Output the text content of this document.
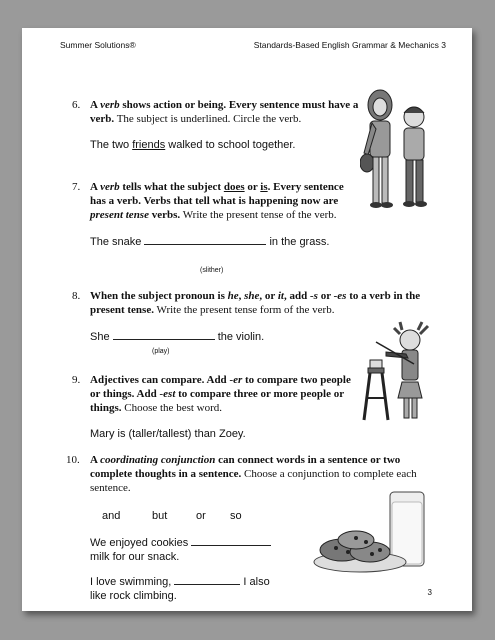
Summer Solutions®	Standards-Based English Grammar & Mechanics 3
6. A verb shows action or being. Every sentence must have a verb. The subject is underlined. Circle the verb.
The two friends walked to school together.
7. A verb tells what the subject does or is. Every sentence has a verb. Verbs that tell what is happening now are present tense verbs. Write the present tense of the verb.
The snake	in the grass.
(slither)
8. When the subject pronoun is he, she, or it, add -s or -es to a verb in the present tense. Write the present tense form of the verb.
She	the violin.
(play)
9. Adjectives can compare. Add -er to compare two people or things. Add -est to compare three or more people or things. Choose the best word.
Mary is (taller/tallest) than Zoey.
10. A coordinating conjunction can connect words in a sentence or two complete thoughts in a sentence. Choose a conjunction to complete each sentence.
and	but	or so
We enjoyed cookies
milk for our snack.
I love swimming,	I also
like rock climbing.	3
